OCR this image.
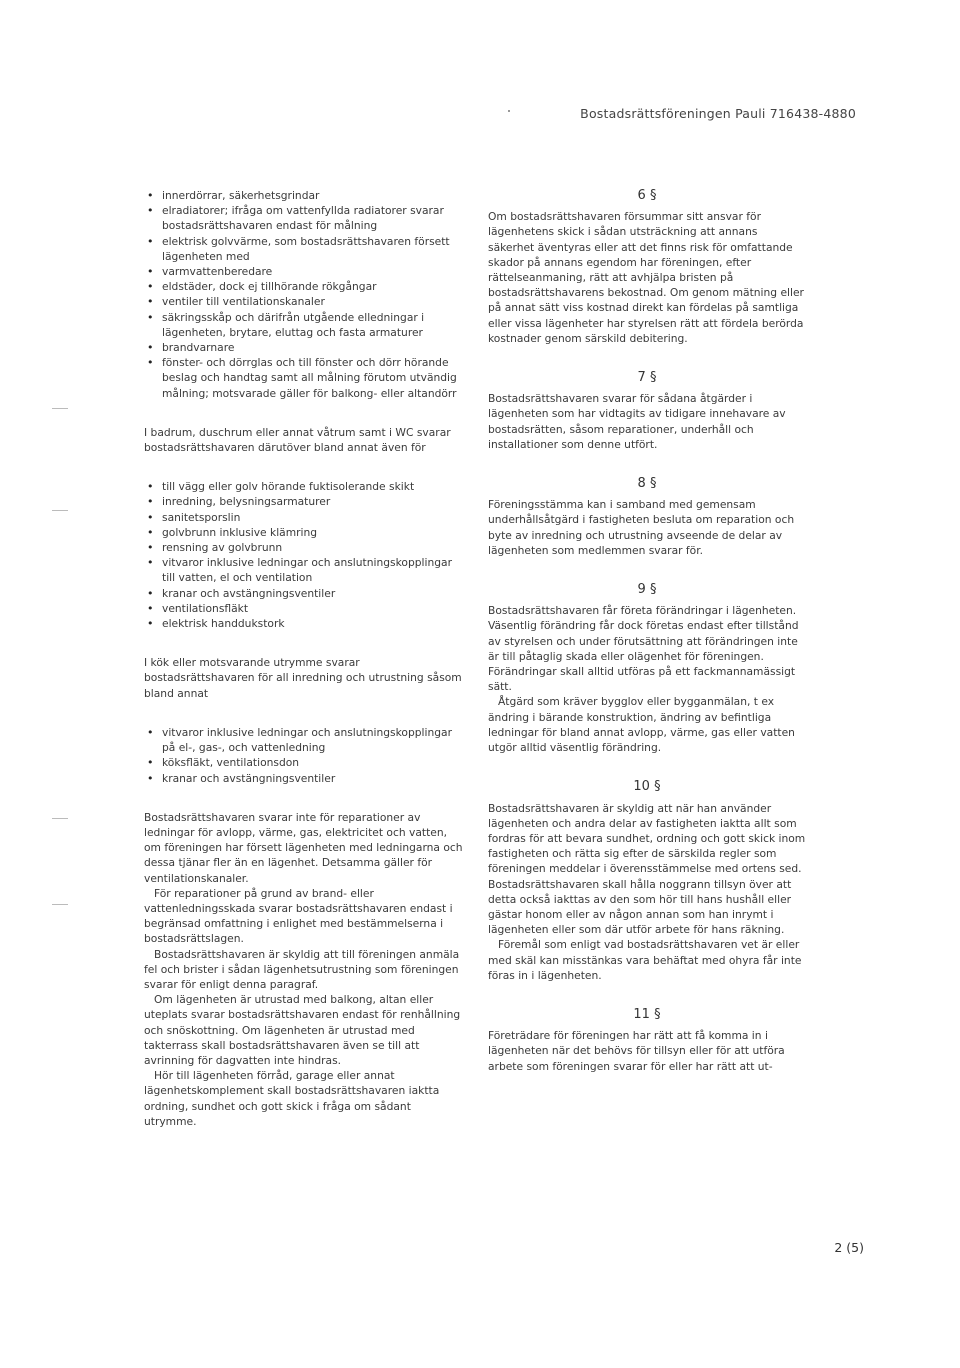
Bostadsrättsföreningen Pauli 716438-4880
• innerdörrar, säkerhetsgrindar
• elradiatorer; ifråga om vattenfyllda radiatorer svarar bostadsrättshavaren endast för målning
• elektrisk golvvärme, som bostadsrättshavaren försett lägenheten med
• varmvattenberedare
• eldstäder, dock ej tillhörande rökgångar
• ventiler till ventilationskanaler
• säkringsskåp och därifrån utgående elledningar i lägenheten, brytare, eluttag och fasta armaturer
• brandvarnare
• fönster- och dörrglas och till fönster och dörr hörande beslag och handtag samt all målning förutom utvändig målning; motsvarade gäller för balkong- eller altandörr

I badrum, duschrum eller annat våtrum samt i WC svarar bostadsrättshavaren därutöver bland annat även för

• till vägg eller golv hörande fuktisolerande skikt
• inredning, belysningsarmaturer
• sanitetsporslin
• golvbrunn inklusive klämring
• rensning av golvbrunn
• vitvaror inklusive ledningar och anslutningskopplingar till vatten, el och ventilation
• kranar och avstängningsventiler
• ventilationsfläkt
• elektrisk handdukstork

I kök eller motsvarande utrymme svarar bostadsrättshavaren för all inredning och utrustning såsom bland annat

• vitvaror inklusive ledningar och anslutningskopplingar på el-, gas-, och vattenledning
• köksfläkt, ventilationsdon
• kranar och avstängningsventiler

Bostadsrättshavaren svarar inte för reparationer av ledningar för avlopp, värme, gas, elektricitet och vatten, om föreningen har försett lägenheten med ledningarna och dessa tjänar fler än en lägenhet. Detsamma gäller för ventilationskanaler.

För reparationer på grund av brand- eller vattenledningsskada svarar bostadsrättshavaren endast i begränsad omfattning i enlighet med bestämmelserna i bostadsrättslagen.

Bostadsrättshavaren är skyldig att till föreningen anmäla fel och brister i sådan lägenhetsutrustning som föreningen svarar för enligt denna paragraf.

Om lägenheten är utrustad med balkong, altan eller uteplats svarar bostadsrättshavaren endast för renhållning och snöskottning. Om lägenheten är utrustad med takterrass skall bostadsrättshavaren även se till att avrinning för dagvatten inte hindras.

Hör till lägenheten förråd, garage eller annat lägenhetskomplement skall bostadsrättshavaren iaktta ordning, sundhet och gott skick i fråga om sådant utrymme.

6 §

Om bostadsrättshavaren försummar sitt ansvar för lägenhetens skick i sådan utsträckning att annans säkerhet äventyras eller att det finns risk för omfattande skador på annans egendom har föreningen, efter rättelseanmaning, rätt att avhjälpa bristen på bostadsrättshavarens bekostnad. Om genom mätning eller på annat sätt viss kostnad direkt kan fördelas på samtliga eller vissa lägenheter har styrelsen rätt att fördela berörda kostnader genom särskild debitering.

7 §

Bostadsrättshavaren svarar för sådana åtgärder i lägenheten som har vidtagits av tidigare innehavare av bostadsrätten, såsom reparationer, underhåll och installationer som denne utfört.

8 §

Föreningsstämma kan i samband med gemensam underhållsåtgärd i fastigheten besluta om reparation och byte av inredning och utrustning avseende de delar av lägenheten som medlemmen svarar för.

9 §

Bostadsrättshavaren får företa förändringar i lägenheten. Väsentlig förändring får dock företas endast efter tillstånd av styrelsen och under förutsättning att förändringen inte är till påtaglig skada eller olägenhet för föreningen. Förändringar skall alltid utföras på ett fackmannamässigt sätt.

Åtgärd som kräver bygglov eller bygganmälan, t ex ändring i bärande konstruktion, ändring av befintliga ledningar för bland annat avlopp, värme, gas eller vatten utgör alltid väsentlig förändring.

10 §

Bostadsrättshavaren är skyldig att när han använder lägenheten och andra delar av fastigheten iaktta allt som fordras för att bevara sundhet, ordning och gott skick inom fastigheten och rätta sig efter de särskilda regler som föreningen meddelar i överensstämmelse med ortens sed. Bostadsrättshavaren skall hålla noggrann tillsyn över att detta också iakttas av den som hör till hans hushåll eller gästar honom eller av någon annan som han inrymt i lägenheten eller som där utför arbete för hans räkning.

Föremål som enligt vad bostadsrättshavaren vet är eller med skäl kan misstänkas vara behäftat med ohyra får inte föras in i lägenheten.

11 §

Företrädare för föreningen har rätt att få komma in i lägenheten när det behövs för tillsyn eller för att utföra arbete som föreningen svarar för eller har rätt att ut-

2 (5)
